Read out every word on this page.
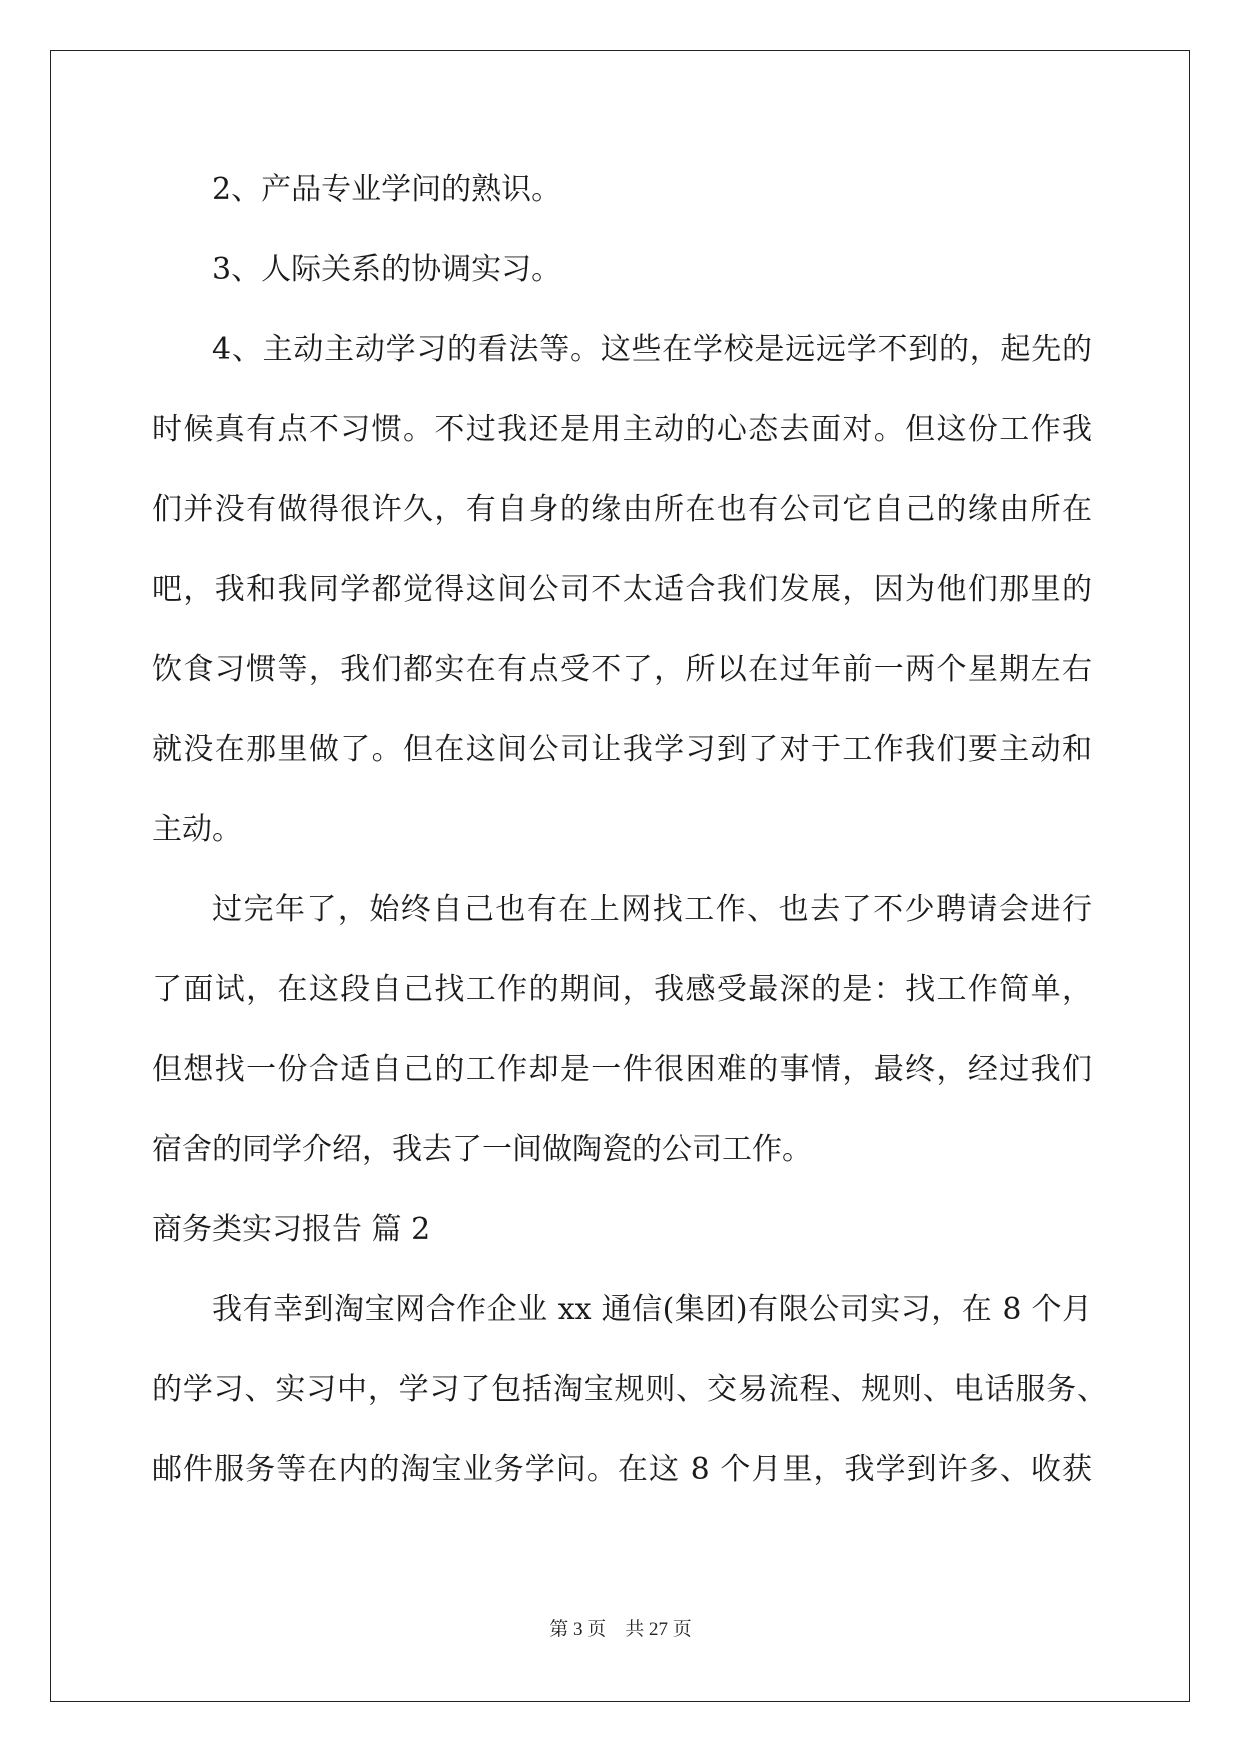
2、产品专业学问的熟识。
3、人际关系的协调实习。
4、主动主动学习的看法等。这些在学校是远远学不到的，起先的
时候真有点不习惯。不过我还是用主动的心态去面对。但这份工作我
们并没有做得很许久，有自身的缘由所在也有公司它自己的缘由所在
吧，我和我同学都觉得这间公司不太适合我们发展，因为他们那里的
饮食习惯等，我们都实在有点受不了，所以在过年前一两个星期左右
就没在那里做了。但在这间公司让我学习到了对于工作我们要主动和
主动。
过完年了，始终自己也有在上网找工作、也去了不少聘请会进行
了面试，在这段自己找工作的期间，我感受最深的是：找工作简单，
但想找一份合适自己的工作却是一件很困难的事情，最终，经过我们
宿舍的同学介绍，我去了一间做陶瓷的公司工作。
商务类实习报告 篇 2
我有幸到淘宝网合作企业 xx 通信(集团)有限公司实习，在 8 个月
的学习、实习中，学习了包括淘宝规则、交易流程、规则、电话服务、
邮件服务等在内的淘宝业务学问。在这 8 个月里，我学到许多、收获
第 3 页　共 27 页
